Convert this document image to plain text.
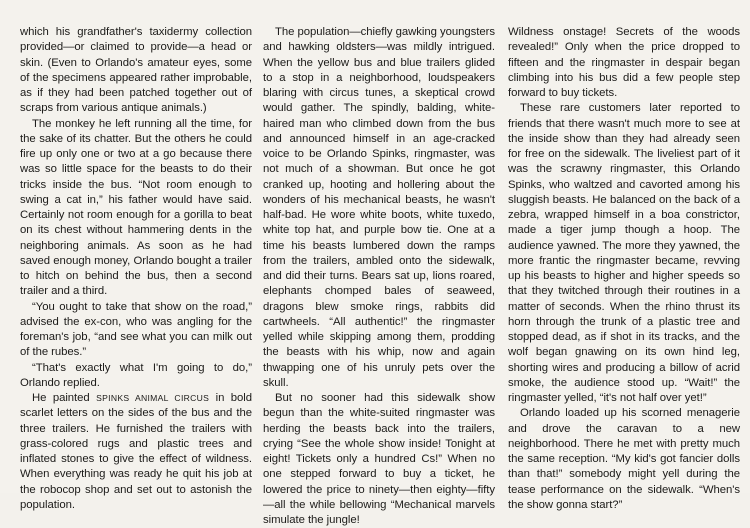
which his grandfather's taxidermy collection provided—or claimed to provide—a head or skin. (Even to Orlando's amateur eyes, some of the specimens appeared rather improbable, as if they had been patched together out of scraps from various antique animals.)

The monkey he left running all the time, for the sake of its chatter. But the others he could fire up only one or two at a go because there was so little space for the beasts to do their tricks inside the bus. “Not room enough to swing a cat in,” his father would have said. Certainly not room enough for a gorilla to beat on its chest without hammering dents in the neighboring animals. As soon as he had saved enough money, Orlando bought a trailer to hitch on behind the bus, then a second trailer and a third.

“You ought to take that show on the road,” advised the ex-con, who was angling for the foreman's job, “and see what you can milk out of the rubes.”

“That's exactly what I'm going to do,” Orlando replied.

He painted SPINKS ANIMAL CIRCUS in bold scarlet letters on the sides of the bus and the three trailers. He furnished the trailers with grass-colored rugs and plastic trees and inflated stones to give the effect of wildness. When everything was ready he quit his job at the robocop shop and set out to astonish the population.

The population—chiefly gawking youngsters and hawking oldsters—was mildly intrigued. When the yellow bus and blue trailers glided to a stop in a neighborhood, loudspeakers blaring with circus tunes, a skeptical crowd would gather. The spindly, balding, white-haired man who climbed down from the bus and announced himself in an age-cracked voice to be Orlando Spinks, ringmaster, was not much of a showman. But once he got cranked up, hooting and hollering about the wonders of his mechanical beasts, he wasn't half-bad. He wore white boots, white tuxedo, white top hat, and purple bow tie. One at a time his beasts lumbered down the ramps from the trailers, ambled onto the sidewalk, and did their turns. Bears sat up, lions roared, elephants chomped bales of seaweed, dragons blew smoke rings, rabbits did cartwheels. “All authentic!” the ringmaster yelled while skipping among them, prodding the beasts with his whip, now and again thwapping one of his unruly pets over the skull.

But no sooner had this sidewalk show begun than the white-suited ringmaster was herding the beasts back into the trailers, crying “See the whole show inside! Tonight at eight! Tickets only a hundred Cs!” When no one stepped forward to buy a ticket, he lowered the price to ninety—then eighty—fifty—all the while bellowing “Mechanical marvels simulate the jungle!

Wildness onstage! Secrets of the woods revealed!” Only when the price dropped to fifteen and the ringmaster in despair began climbing into his bus did a few people step forward to buy tickets.

These rare customers later reported to friends that there wasn't much more to see at the inside show than they had already seen for free on the sidewalk. The liveliest part of it was the scrawny ringmaster, this Orlando Spinks, who waltzed and cavorted among his sluggish beasts. He balanced on the back of a zebra, wrapped himself in a boa constrictor, made a tiger jump though a hoop. The audience yawned. The more they yawned, the more frantic the ringmaster became, revving up his beasts to higher and higher speeds so that they twitched through their routines in a matter of seconds. When the rhino thrust its horn through the trunk of a plastic tree and stopped dead, as if shot in its tracks, and the wolf began gnawing on its own hind leg, shorting wires and producing a billow of acrid smoke, the audience stood up. “Wait!” the ringmaster yelled, “it's not half over yet!”

Orlando loaded up his scorned menagerie and drove the caravan to a new neighborhood. There he met with pretty much the same reception. “My kid's got fancier dolls than that!” somebody might yell during the tease performance on the sidewalk. “When's the show gonna start?”
